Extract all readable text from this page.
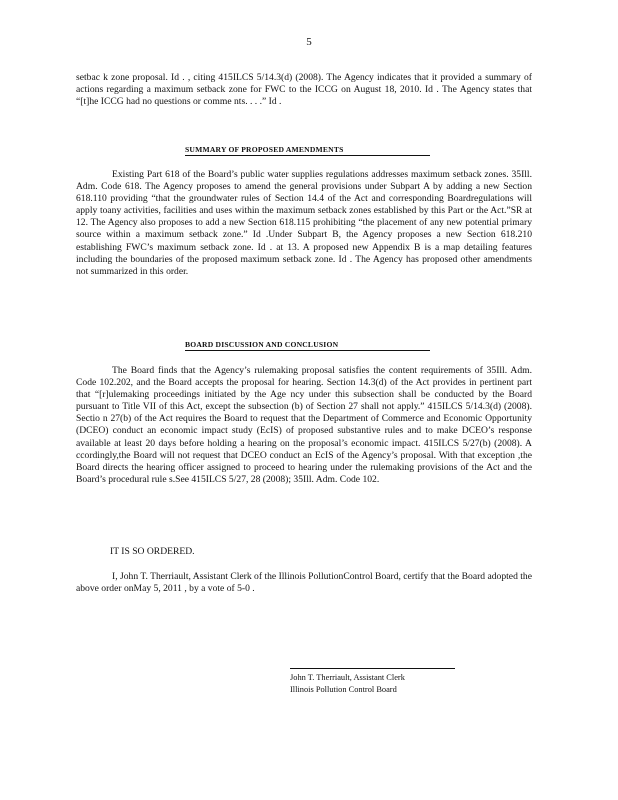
5

setbac k zone proposal. Id . , citing 415ILCS 5/14.3(d) (2008). The Agency indicates that it provided a summary of actions regarding a maximum setback zone for FWC to the ICCG on August 18, 2010. Id . The Agency states that “[t]he ICCG had no questions or comme nts. . . .” Id .

SUMMARY OF PROPOSED AMENDMENTS

Existing Part 618 of the Board’s public water supplies regulations addresses maximum setback zones. 35Ill. Adm. Code 618. The Agency proposes to amend the general provisions under Subpart A by adding a new Section 618.110 providing “that the groundwater rules of Section 14.4 of the Act and corresponding Boardregulations will apply toany activities, facilities and uses within the maximum setback zones established by this Part or the Act.”SR at 12. The Agency also proposes to add a new Section 618.115 prohibiting “the placement of any new potential primary source within a maximum setback zone.” Id .Under Subpart B, the Agency proposes a new Section 618.210 establishing FWC’s maximum setback zone. Id . at 13. A proposed new Appendix B is a map detailing features including the boundaries of the proposed maximum setback zone. Id . The Agency has proposed other amendments not summarized in this order.

BOARD DISCUSSION AND CONCLUSION

The Board finds that the Agency’s rulemaking proposal satisfies the content requirements of 35Ill. Adm. Code 102.202, and the Board accepts the proposal for hearing. Section 14.3(d) of the Act provides in pertinent part that “[r]ulemaking proceedings initiated by the Age ncy under this subsection shall be conducted by the Board pursuant to Title VII of this Act, except the subsection (b) of Section 27 shall not apply.” 415ILCS 5/14.3(d) (2008). Sectio n 27(b) of the Act requires the Board to request that the Department of Commerce and Economic Opportunity (DCEO) conduct an economic impact study (EcIS) of proposed substantive rules and to make DCEO’s response available at least 20 days before holding a hearing on the proposal’s economic impact. 415ILCS 5/27(b) (2008). A ccordingly,the Board will not request that DCEO conduct an EcIS of the Agency’s proposal. With that exception ,the Board directs the hearing officer assigned to proceed to hearing under the rulemaking provisions of the Act and the Board’s procedural rule s.See 415ILCS 5/27, 28 (2008); 35Ill. Adm. Code 102.

IT IS SO ORDERED.

I, John T. Therriault, Assistant Clerk of the Illinois PollutionControl Board, certify that the Board adopted the above order onMay 5, 2011 , by a vote of 5-0 .

John T. Therriault, Assistant Clerk
Illinois Pollution Control Board
